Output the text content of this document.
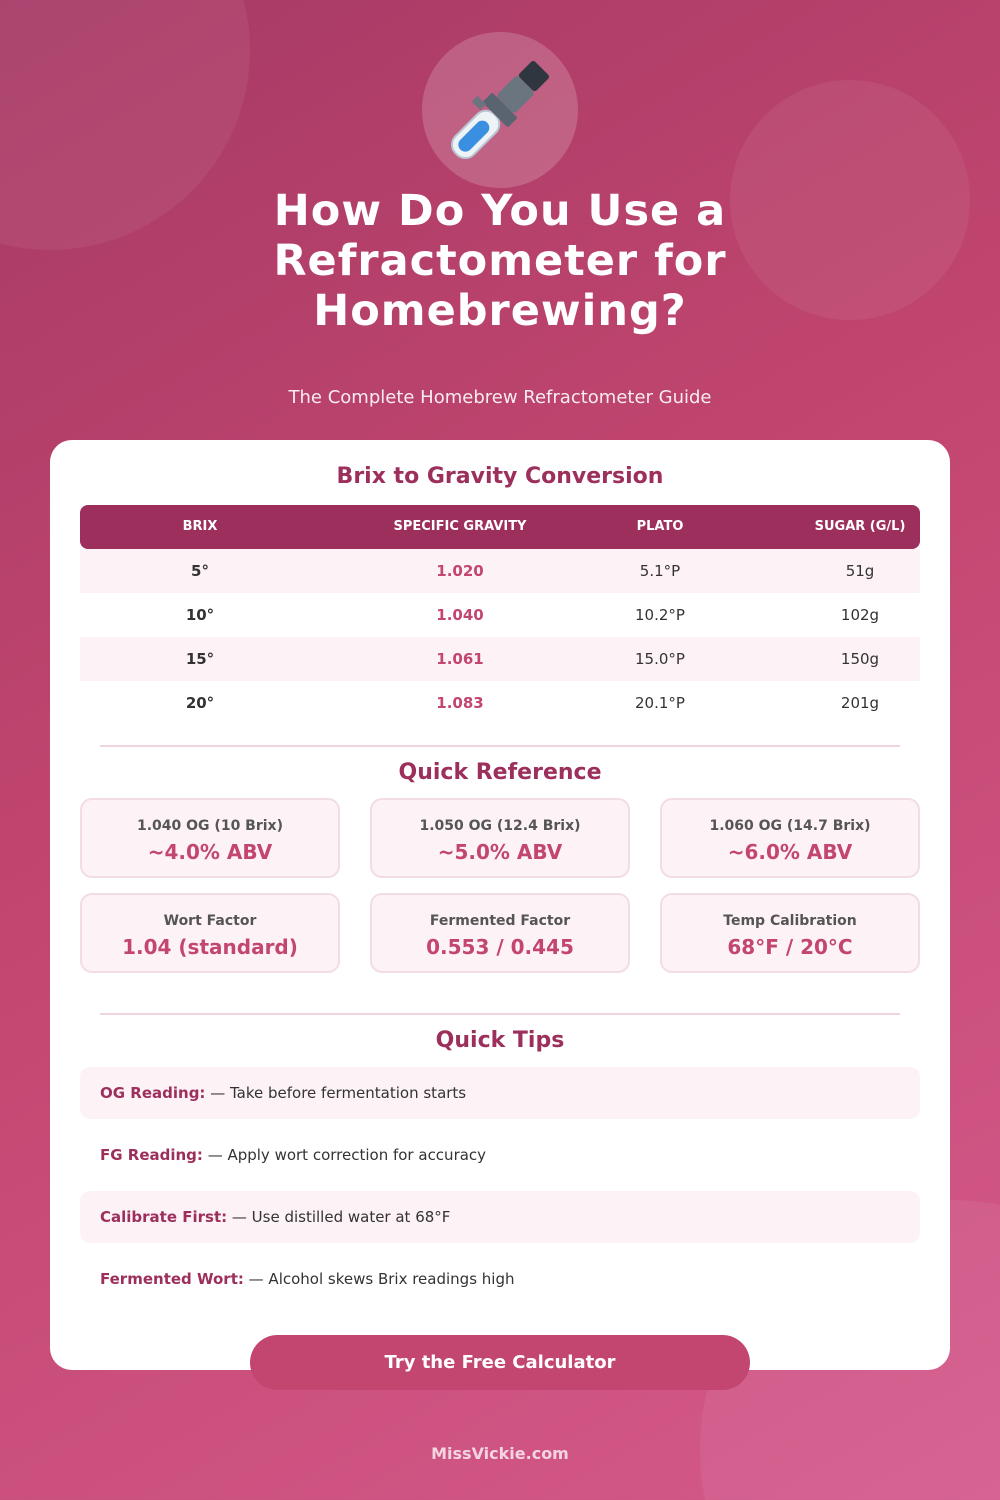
How Do You Use a
Refractometer for
Homebrewing?
The Complete Homebrew Refractometer Guide
Brix to Gravity Conversion
BRIX	SPECIFIC GRAVITY	PLATO	SUGAR (G/L)
5°	1.020	5.1°P	51g
10°	1.040	10.2°P	102g
15°	1.061	15.0°P	150g
20°	1.083	20.1°P	201g
Quick Reference
1.040 OG (10 Brix)
~4.0% ABV
1.050 OG (12.4 Brix)
~5.0% ABV
1.060 OG (14.7 Brix)
~6.0% ABV
Wort Factor
1.04 (standard)
Fermented Factor
0.553 / 0.445
Temp Calibration
68°F / 20°C
Quick Tips
OG Reading: — Take before fermentation starts
FG Reading: — Apply wort correction for accuracy
Calibrate First: — Use distilled water at 68°F
Fermented Wort: — Alcohol skews Brix readings high
Try the Free Calculator
MissVickie.com
